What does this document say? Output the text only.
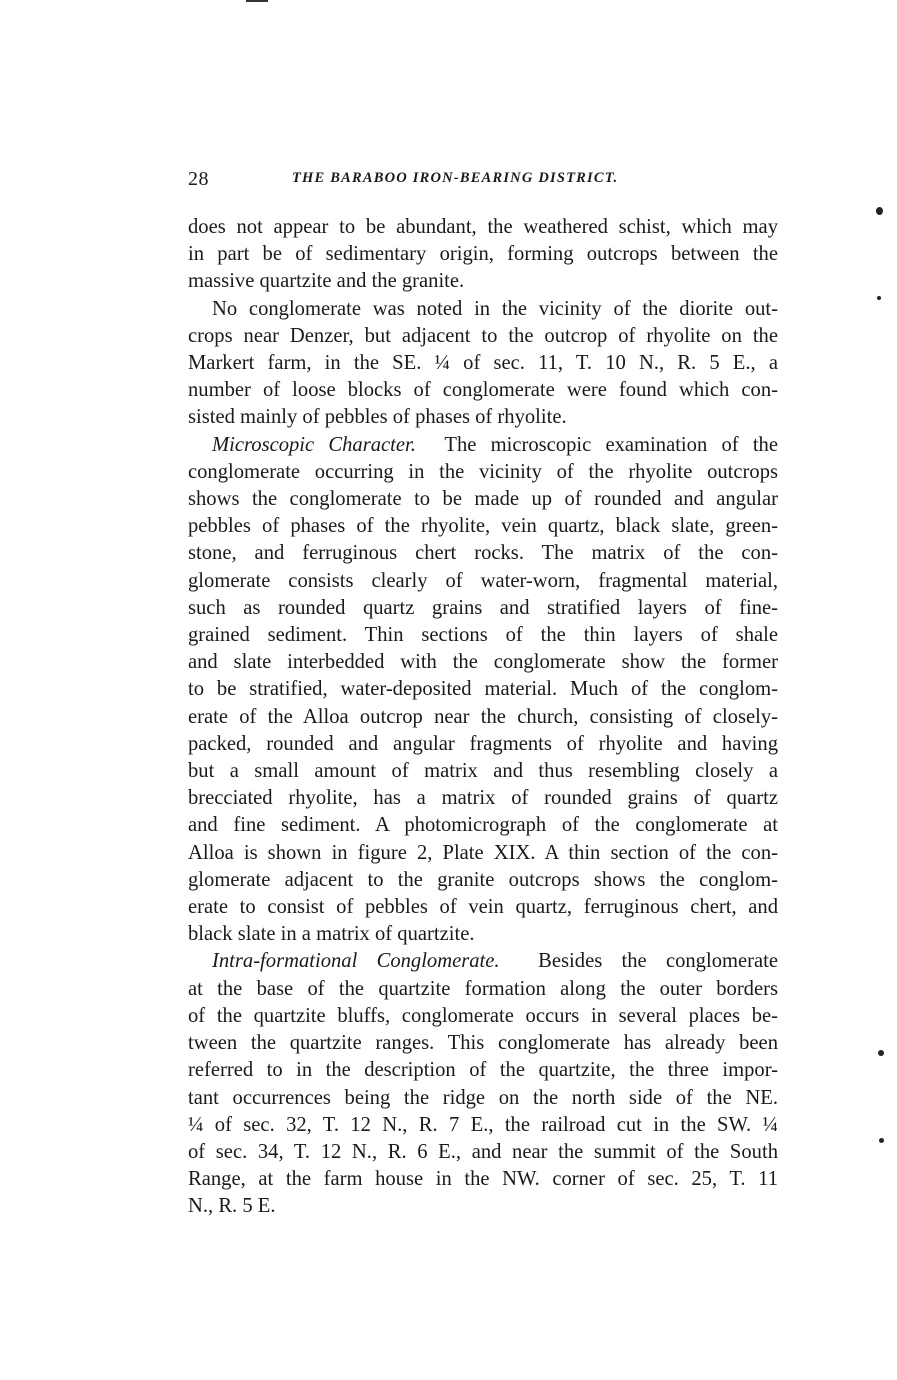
28	THE BARABOO IRON-BEARING DISTRICT.

does not appear to be abundant, the weathered schist, which may
in part be of sedimentary origin, forming outcrops between the
massive quartzite and the granite.

No conglomerate was noted in the vicinity of the diorite out-
crops near Denzer, but adjacent to the outcrop of rhyolite on the
Markert farm, in the SE. ¼ of sec. 11, T. 10 N., R. 5 E., a
number of loose blocks of conglomerate were found which con-
sisted mainly of pebbles of phases of rhyolite.

Microscopic Character. The microscopic examination of the
conglomerate occurring in the vicinity of the rhyolite outcrops
shows the conglomerate to be made up of rounded and angular
pebbles of phases of the rhyolite, vein quartz, black slate, green-
stone, and ferruginous chert rocks. The matrix of the con-
glomerate consists clearly of water-worn, fragmental material,
such as rounded quartz grains and stratified layers of fine-
grained sediment. Thin sections of the thin layers of shale
and slate interbedded with the conglomerate show the former
to be stratified, water-deposited material. Much of the conglom-
erate of the Alloa outcrop near the church, consisting of closely-
packed, rounded and angular fragments of rhyolite and having
but a small amount of matrix and thus resembling closely a
brecciated rhyolite, has a matrix of rounded grains of quartz
and fine sediment. A photomicrograph of the conglomerate at
Alloa is shown in figure 2, Plate XIX. A thin section of the con-
glomerate adjacent to the granite outcrops shows the conglom-
erate to consist of pebbles of vein quartz, ferruginous chert, and
black slate in a matrix of quartzite.

Intra-formational Conglomerate. Besides the conglomerate
at the base of the quartzite formation along the outer borders
of the quartzite bluffs, conglomerate occurs in several places be-
tween the quartzite ranges. This conglomerate has already been
referred to in the description of the quartzite, the three impor-
tant occurrences being the ridge on the north side of the NE.
¼ of sec. 32, T. 12 N., R. 7 E., the railroad cut in the SW. ¼
of sec. 34, T. 12 N., R. 6 E., and near the summit of the South
Range, at the farm house in the NW. corner of sec. 25, T. 11
N., R. 5 E.
